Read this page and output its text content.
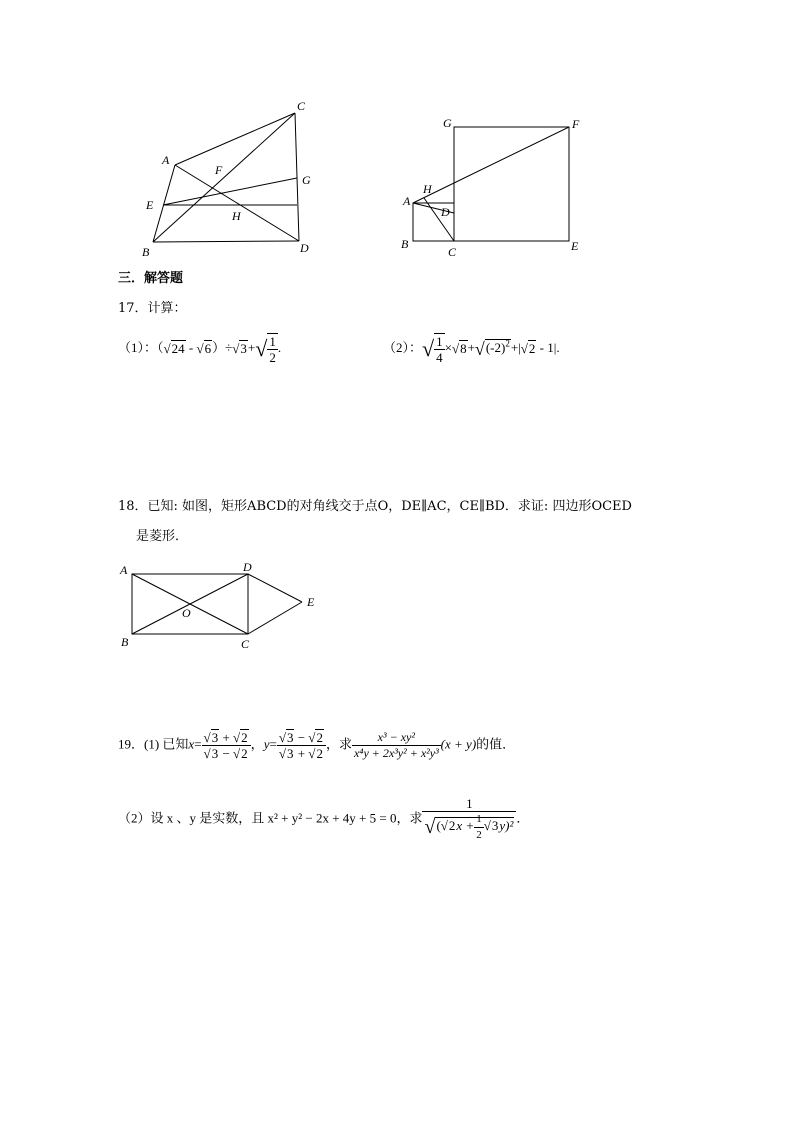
C
A
F
G
E
H
B	D
G	F
H
A
D
B
C	E
三．解答题
17．计算：
（1）：$(√24 - √6)\div√3+√ \frac{1}{2}$ .	（2）：√ $\frac{1}{4} \times√8+√(-2)^2+|√2 - 1|$.
18．已知: 如图，矩形ABCD的对角线交于点O，DE∥AC，CE∥BD．求证: 四边形OCED
是菱形．
A	D
E
O
B	C
19．(1) 已知$x= \frac{√3 + √2}{√3 - √2}$ ，$y= \frac{√3 - √2}{√3 + √2}$ ，求 $\frac{\text{x³ − xy²}}{\text{x⁴y + 2x³y² + x²y³}} (x + y)$的值．
（2）设 x 、y 是实数，且 x² + y² − 2x + 4y + 5 = 0，求 $\frac{1}{√(√2x + \frac{1}{2} √3y)^2}$ ．
